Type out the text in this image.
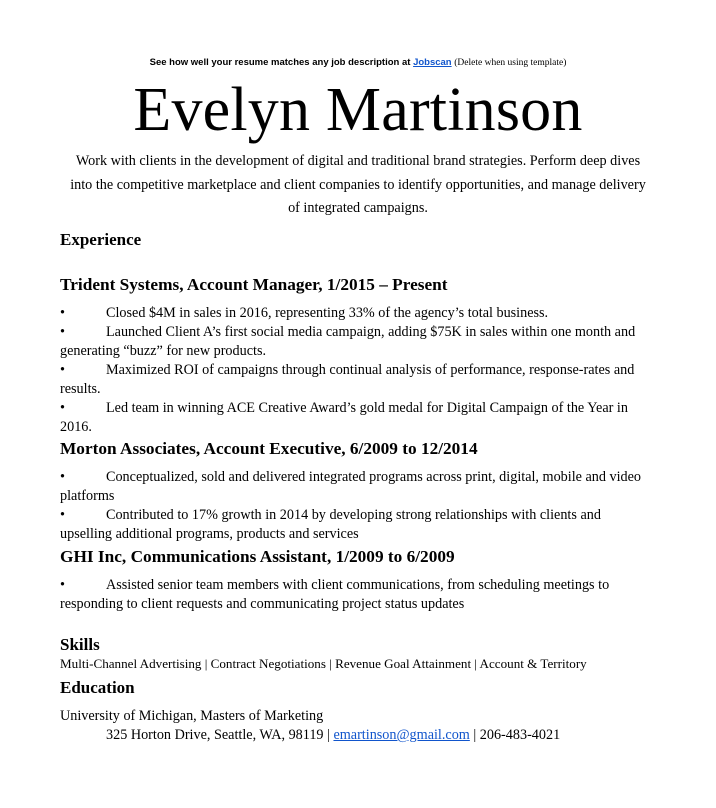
See how well your resume matches any job description at Jobscan (Delete when using template)
Evelyn Martinson
Work with clients in the development of digital and traditional brand strategies. Perform deep dives into the competitive marketplace and client companies to identify opportunities, and manage delivery of integrated campaigns.
Experience
Trident Systems, Account Manager, 1/2015 – Present
•	Closed $4M in sales in 2016, representing 33% of the agency’s total business.
•	Launched Client A’s first social media campaign, adding $75K in sales within one month and generating “buzz” for new products.
•	Maximized ROI of campaigns through continual analysis of performance, response-rates and results.
•	Led team in winning ACE Creative Award’s gold medal for Digital Campaign of the Year in 2016.
Morton Associates, Account Executive, 6/2009 to 12/2014
•	Conceptualized, sold and delivered integrated programs across print, digital, mobile and video platforms
•	Contributed to 17% growth in 2014 by developing strong relationships with clients and upselling additional programs, products and services
GHI Inc, Communications Assistant, 1/2009 to 6/2009
•	Assisted senior team members with client communications, from scheduling meetings to responding to client requests and communicating project status updates
Skills
Multi-Channel Advertising | Contract Negotiations | Revenue Goal Attainment | Account & Territory
Education
University of Michigan, Masters of Marketing
325 Horton Drive, Seattle, WA, 98119 | emartinson@gmail.com | 206-483-4021
